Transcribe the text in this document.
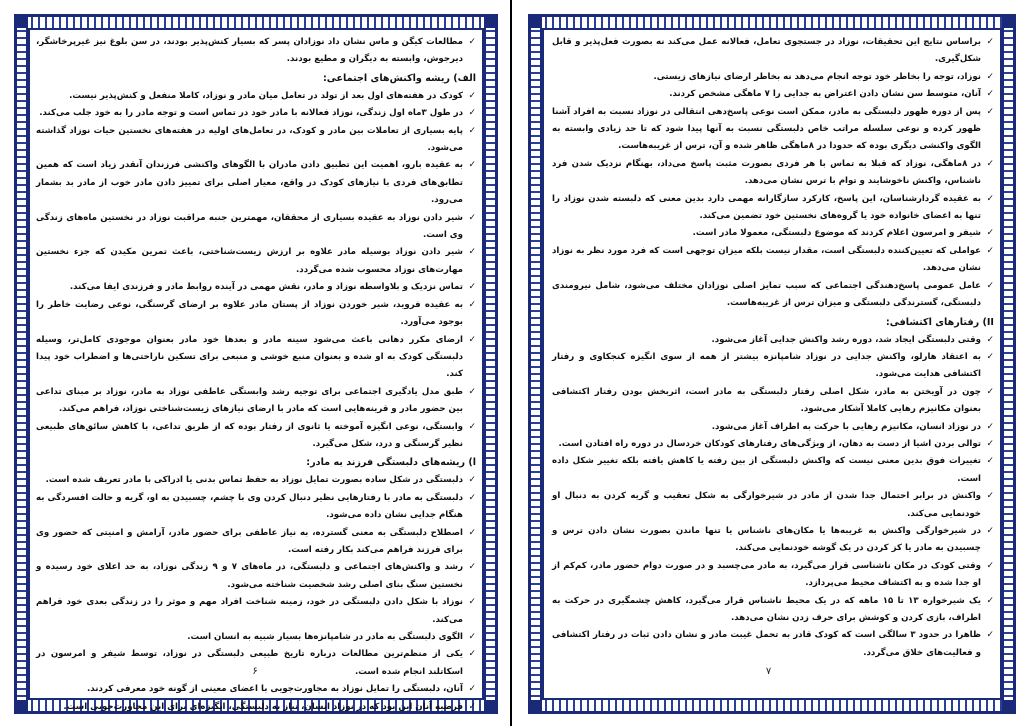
✓ مطالعات کیگن و ماس نشان داد نوزادان پسر که بسیار کنش‌پذیر بودند، در سن بلوغ نیز غیرپرخاشگر، دیرجوش، وابسته به دیگران و مطیع بودند.
الف) ریشه واکنش‌های اجتماعی:
✓ کودک در هفته‌های اول بعد از تولد در تعامل میان مادر و نوزاد، کاملا منفعل و کنش‌پذیر نیست.
✓ در طول ۳ماه اول زندگی، نوزاد فعالانه با مادر خود در تماس است و توجه مادر را به خود جلب می‌کند.
✓ پایه بسیاری از تعاملات بین مادر و کودک، در تعامل‌های اولیه در هفته‌های نخستین حیات نوزاد گذاشته می‌شود.
✓ به عقیده بارو، اهمیت این تطبیق دادن مادران با الگوهای واکنشی فرزندان آنقدر زیاد است که همین تطابق‌های فردی با نیازهای کودک در واقع، معیار اصلی برای تمییز دادن مادر خوب از مادر بد بشمار می‌رود.
✓ شیر دادن نوزاد به عقیده بسیاری از محققان، مهمترین جنبه مراقبت نوزاد در نخستین ماه‌های زندگی وی است.
✓ شیر دادن نوزاد بوسیله مادر علاوه بر ارزش زیست‌شناختی، باعث تمرین مکیدن که جزء نخستین مهارت‌های نوزاد محسوب شده می‌گردد.
✓ تماس نزدیک و بلاواسطه نوزاد و مادر، نقش مهمی در آینده روابط مادر و فرزندی ایفا می‌کند.
✓ به عقیده فروید، شیر خوردن نوزاد از پستان مادر علاوه بر ارضای گرسنگی، نوعی رضایت خاطر را بوجود می‌آورد.
✓ ارضای مکرر دهانی باعث می‌شود سینه مادر و بعدها خود مادر بعنوان موجودی کامل‌تر، وسیله دلبستگی کودک به او شده و بعنوان منبع خوشی و منبعی برای تسکین ناراحتی‌ها و اضطراب خود پیدا کند.
✓ طبق مدل یادگیری اجتماعی برای توجیه رشد وابستگی عاطفی نوزاد به مادر، نوزاد بر مبنای تداعی بین حضور مادر و قرینه‌هایی است که مادر با ارضای نیازهای زیست‌شناختی نوزاد، فراهم می‌کند.
✓ وابستگی، نوعی انگیزه آموخته یا ثانوی از رفتار بوده که از طریق تداعی، با کاهش سائق‌های طبیعی نظیر گرسنگی و درد، شکل می‌گیرد.
ا) ریشه‌های دلبستگی فرزند به مادر:
✓ دلبستگی در شکل ساده بصورت تمایل نوزاد به حفظ تماس بدنی یا ادراکی با مادر تعریف شده است.
✓ دلبستگی به مادر با رفتارهایی نظیر دنبال کردن وی با چشم، چسبیدن به او، گریه و حالت افسردگی به هنگام جدایی نشان داده می‌شود.
✓ اصطلاح دلبستگی به معنی گسترده، به نیاز عاطفی برای حضور مادر، آرامش و امنیتی که حضور وی برای فرزند فراهم می‌کند بکار رفته است.
✓ رشد و واکنش‌های اجتماعی و دلبستگی، در ماه‌های ۷ و ۹ زندگی نوزاد، به حد اعلای خود رسیده و نخستین سنگ بنای اصلی رشد شخصیت شناخته می‌شود.
✓ نوزاد با شکل دادن دلبستگی در خود، زمینه شناخت افراد مهم و موثر را در زندگی بعدی خود فراهم می‌کند.
✓ الگوی دلبستگی به مادر در شامپانزه‌ها بسیار شبیه به انسان است.
✓ یکی از منظم‌ترین مطالعات درباره تاریخ طبیعی دلبستگی در نوزاد، توسط شیفر و امرسون در اسکاتلند انجام شده است.
✓ آنان، دلبستگی را تمایل نوزاد به مجاورت‌جویی با اعضای معینی از گونه خود معرفی کردند.
✓ فرضیه آنان این بود که در نوزاد انسان، نیاز به دلبستگی، انگیزه‌ای برای این مجاورت‌جویی است.
۶
✓ براساس نتایج این تحقیقات، نوزاد در جستجوی تعامل، فعالانه عمل می‌کند نه بصورت فعل‌پذیر و قابل شکل‌گیری.
✓ نوزاد، توجه را بخاطر خود توجه انجام می‌دهد نه بخاطر ارضای نیازهای زیستی.
✓ آنان، متوسط سن نشان دادن اعتراض به جدایی را ۷ ماهگی مشخص کردند.
✓ پس از دوره ظهور دلبستگی به مادر، ممکن است نوعی پاسخ‌دهی انتقالی در نوزاد نسبت به افراد آشنا ظهور کرده و نوعی سلسله مراتب خاص دلبستگی نسبت به آنها پیدا شود که تا حد زیادی وابسته به الگوی واکنشی دیگری بوده که حدودا در ۸ماهگی ظاهر شده و آن، ترس از غریبه‌هاست.
✓ در ۸ماهگی، نوزاد که قبلا به تماس با هر فردی بصورت مثبت پاسخ می‌داد، بهنگام نزدیک شدن فرد ناشناس، واکنش ناخوشایند و توام با ترس نشان می‌دهد.
✓ به عقیده گردارشناسان، این پاسخ، کارکرد سازگارانه مهمی دارد بدین معنی که دلبسته شدن نوزاد را تنها به اعضای خانواده خود یا گروه‌های نخستین خود تضمین می‌کند.
✓ شیفر و امرسون اعلام کردند که موضوع دلبستگی، معمولا مادر است.
✓ عواملی که تعیین‌کننده دلبستگی است، مقدار نیست بلکه میزان توجهی است که فرد مورد نظر به نوزاد نشان می‌دهد.
✓ عامل عمومی پاسخ‌دهندگی اجتماعی که سبب تمایز اصلی نوزادان مختلف می‌شود، شامل نیرومندی دلبستگی، گسترندگی دلبستگی و میزان ترس از غریبه‌هاست.
II) رفتارهای اکتشافی:
✓ وقتی دلبستگی ایجاد شد، دوره رشد واکنش جدایی آغاز می‌شود.
✓ به اعتقاد هارلو، واکنش جدایی در نوزاد شامپانزه بیشتر از همه از سوی انگیزه کنجکاوی و رفتار اکتشافی هدایت می‌شود.
✓ چون در آویختن به مادر، شکل اصلی رفتار دلبستگی به مادر است، اثربخش بودن رفتار اکتشافی بعنوان مکانیزم رهایی کاملا آشکار می‌شود.
✓ در نوزاد انسان، مکانیزم رهایی با حرکت به اطراف آغاز می‌شود.
✓ توالی بردن اشیا از دست به دهان، از ویژگی‌های رفتارهای کودکان خردسال در دوره راه افتادن است.
✓ تغییرات فوق بدین معنی نیست که واکنش دلبستگی از بین رفته یا کاهش یافته بلکه تغییر شکل داده است.
✓ واکنش در برابر احتمال جدا شدن از مادر در شیرخوارگی به شکل تعقیب و گریه کردن به دنبال او خودنمایی می‌کند.
✓ در شیرخوارگی واکنش به غریبه‌ها یا مکان‌های ناشناس یا تنها ماندن بصورت نشان دادن ترس و چسبیدن به مادر یا کز کردن در یک گوشه خودنمایی می‌کند.
✓ وقتی کودک در مکان ناشناسی قرار می‌گیرد، به مادر می‌چسبد و در صورت دوام حضور مادر، کم‌کم از او جدا شده و به اکتشاف محیط می‌پردازد.
✓ یک شیرخواره ۱۳ تا ۱۵ ماهه که در یک محیط ناشناس قرار می‌گیرد، کاهش چشمگیری در حرکت به اطراف، بازی کردن و کوشش برای حرف زدن نشان می‌دهد.
✓ ظاهرا در حدود ۳ سالگی است که کودک قادر به تحمل غیبت مادر و نشان دادن ثبات در رفتار اکتشافی و فعالیت‌های خلاق می‌گردد.
۷
